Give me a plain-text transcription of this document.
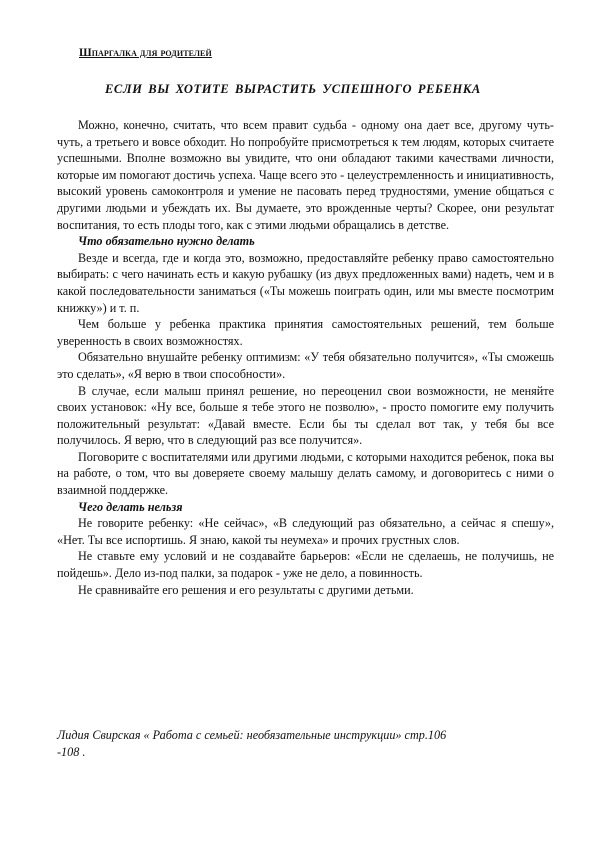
Шпаргалка для родителей
ЕСЛИ ВЫ ХОТИТЕ ВЫРАСТИТЬ УСПЕШНОГО РЕБЕНКА

Можно, конечно, считать, что всем правит судьба - одному она дает все, другому чуть-чуть, а третьего и вовсе обходит. Но попробуйте присмотреться к тем людям, которых считаете успешными. Вполне возможно вы увидите, что они обладают такими качествами личности, которые им помогают достичь успеха. Чаще всего это - целеустремленность и инициативность, высокий уровень самоконтроля и умение не пасовать перед трудностями, умение общаться с другими людьми и убеждать их. Вы думаете, это врожденные черты? Скорее, они результат воспитания, то есть плоды того, как с этими людьми обращались в детстве.

Что обязательно нужно делать

Везде и всегда, где и когда это, возможно, предоставляйте ребенку право самостоятельно выбирать: с чего начинать есть и какую рубашку (из двух предложенных вами) надеть, чем и в какой последовательности заниматься («Ты можешь поиграть один, или мы вместе посмотрим книжку») и т. п.

Чем больше у ребенка практика принятия самостоятельных решений, тем больше уверенность в своих возможностях.

Обязательно внушайте ребенку оптимизм: «У тебя обязательно получится», «Ты сможешь это сделать», «Я верю в твои способности».

В случае, если малыш принял решение, но переоценил свои возможности, не меняйте своих установок: «Ну все, больше я тебе этого не позволю», - просто помогите ему получить положительный результат: «Давай вместе. Если бы ты сделал вот так, у тебя бы все получилось. Я верю, что в следующий раз все получится».

Поговорите с воспитателями или другими людьми, с которыми находится ребенок, пока вы на работе, о том, что вы доверяете своему малышу делать самому, и договоритесь с ними о взаимной поддержке.

Чего делать нельзя

Не говорите ребенку: «Не сейчас», «В следующий раз обязательно, а сейчас я спешу», «Нет. Ты все испортишь. Я знаю, какой ты неумеха» и прочих грустных слов.

Не ставьте ему условий и не создавайте барьеров: «Если не сделаешь, не получишь, не пойдешь». Дело из-под палки, за подарок - уже не дело, а повинность.

Не сравнивайте его решения и его результаты с другими детьми.

Лидия Свирская « Работа с семьей: необязательные инструкции» стр.106
-108 .
